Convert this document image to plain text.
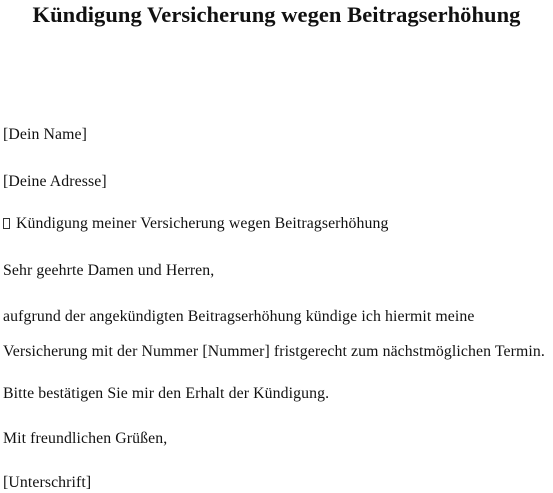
Kündigung Versicherung wegen Beitragserhöhung
[Dein Name]
[Deine Adresse]
Kündigung meiner Versicherung wegen Beitragserhöhung
Sehr geehrte Damen und Herren,
aufgrund der angekündigten Beitragserhöhung kündige ich hiermit meine
Versicherung mit der Nummer [Nummer] fristgerecht zum nächstmöglichen Termin.
Bitte bestätigen Sie mir den Erhalt der Kündigung.
Mit freundlichen Grüßen,
[Unterschrift]
